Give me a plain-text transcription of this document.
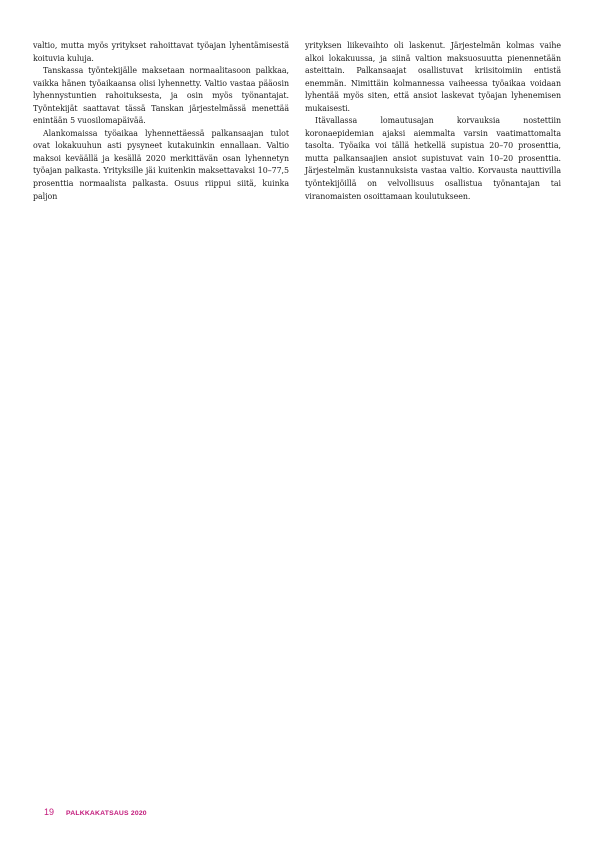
valtio, mutta myös yritykset rahoittavat työajan lyhentämisestä koituvia kuluja.

Tanskassa työntekijälle maksetaan normaalitasoon palkkaa, vaikka hänen työaikaansa olisi lyhennetty. Valtio vastaa pääosin lyhennystuntien rahoituksesta, ja osin myös työnantajat. Työntekijät saattavat tässä Tanskan järjestelmässä menettää enintään 5 vuosilomapäivää.

Alankomaissa työaikaa lyhennettäessä palkansaajan tulot ovat lokakuuhun asti pysyneet kutakuinkin ennallaan. Valtio maksoi keväällä ja kesällä 2020 merkittävän osan lyhennetyn työajan palkasta. Yrityksille jäi kuitenkin maksettavaksi 10–77,5 prosenttia normaalista palkasta. Osuus riippui siitä, kuinka paljon

yrityksen liikevaihto oli laskenut. Järjestelmän kolmas vaihe alkoi lokakuussa, ja siinä valtion maksuosuutta pienennetään asteittain. Palkansaajat osallistuvat kriisitoimiin entistä enemmän. Nimittäin kolmannessa vaiheessa työaikaa voidaan lyhentää myös siten, että ansiot laskevat työajan lyhenemisen mukaisesti.

Itävallassa lomautusajan korvauksia nostettiin koronaepidemian ajaksi aiemmalta varsin vaatimattomalta tasolta. Työaika voi tällä hetkellä supistua 20–70 prosenttia, mutta palkansaajien ansiot supistuvat vain 10–20 prosenttia. Järjestelmän kustannuksista vastaa valtio. Korvausta nauttivilla työntekijöillä on velvollisuus osallistua työnantajan tai viranomaisten osoittamaan koulutukseen.

19 PALKKAKATSAUS 2020
